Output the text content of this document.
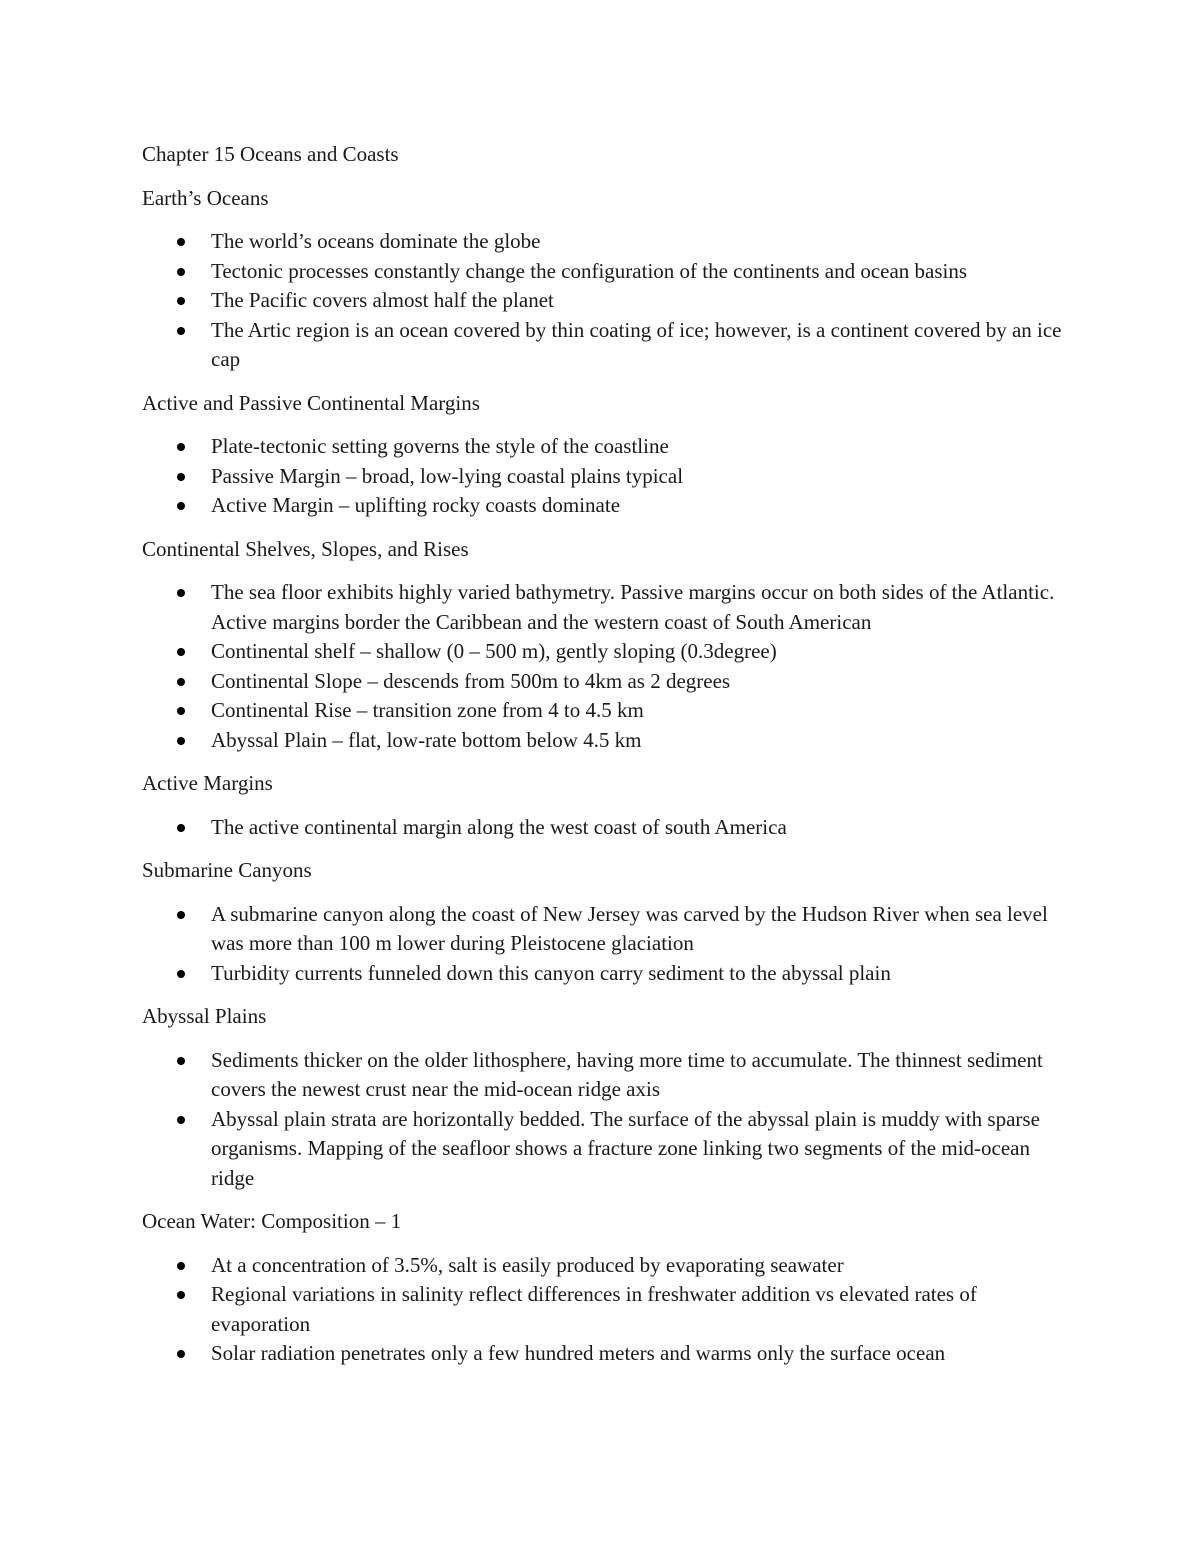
Chapter 15 Oceans and Coasts

Earth’s Oceans

The world’s oceans dominate the globe
Tectonic processes constantly change the configuration of the continents and ocean basins
The Pacific covers almost half the planet
The Artic region is an ocean covered by thin coating of ice; however, is a continent covered by an ice cap

Active and Passive Continental Margins

Plate-tectonic setting governs the style of the coastline
Passive Margin – broad, low-lying coastal plains typical
Active Margin – uplifting rocky coasts dominate

Continental Shelves, Slopes, and Rises

The sea floor exhibits highly varied bathymetry. Passive margins occur on both sides of the Atlantic. Active margins border the Caribbean and the western coast of South American
Continental shelf – shallow (0 – 500 m), gently sloping (0.3degree)
Continental Slope – descends from 500m to 4km as 2 degrees
Continental Rise – transition zone from 4 to 4.5 km
Abyssal Plain – flat, low-rate bottom below 4.5 km

Active Margins

The active continental margin along the west coast of south America

Submarine Canyons

A submarine canyon along the coast of New Jersey was carved by the Hudson River when sea level was more than 100 m lower during Pleistocene glaciation
Turbidity currents funneled down this canyon carry sediment to the abyssal plain

Abyssal Plains

Sediments thicker on the older lithosphere, having more time to accumulate. The thinnest sediment covers the newest crust near the mid-ocean ridge axis
Abyssal plain strata are horizontally bedded. The surface of the abyssal plain is muddy with sparse organisms. Mapping of the seafloor shows a fracture zone linking two segments of the mid-ocean ridge

Ocean Water: Composition – 1

At a concentration of 3.5%, salt is easily produced by evaporating seawater
Regional variations in salinity reflect differences in freshwater addition vs elevated rates of evaporation
Solar radiation penetrates only a few hundred meters and warms only the surface ocean
